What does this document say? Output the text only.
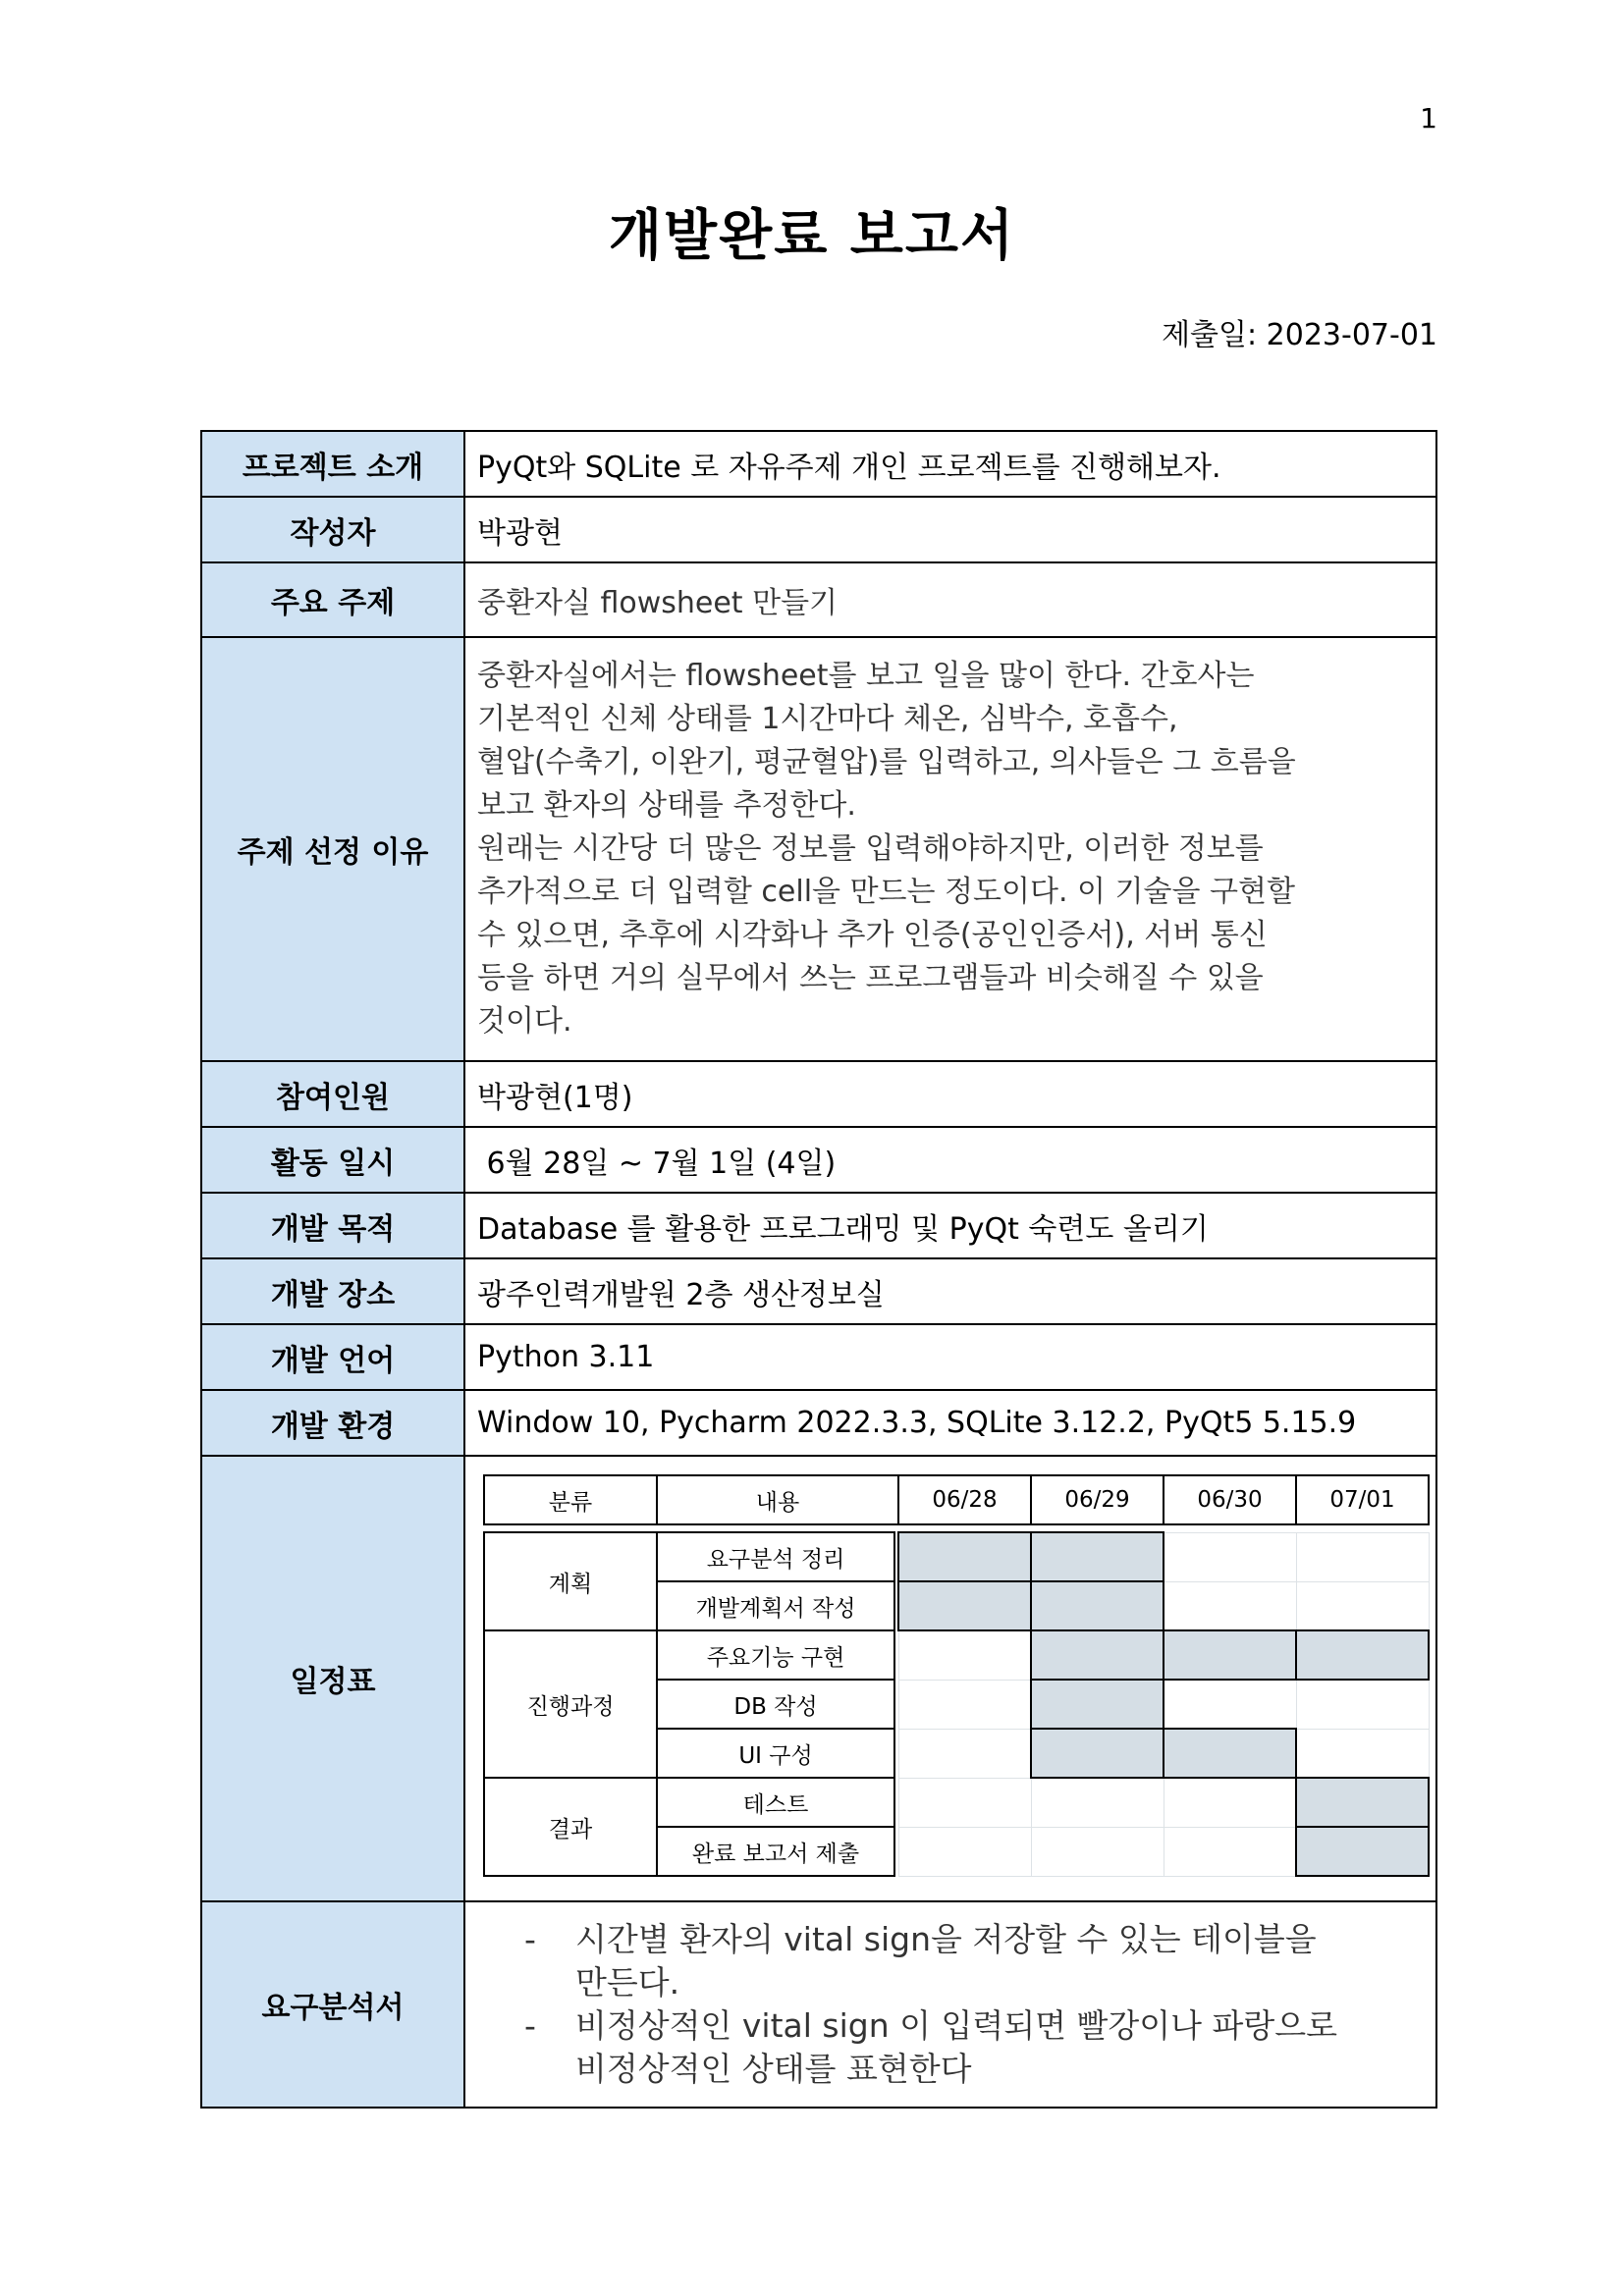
1
개발완료 보고서
제출일: 2023-07-01
프로젝트 소개	PyQt와 SQLite 로 자유주제 개인 프로젝트를 진행해보자.
작성자	박광현
주요 주제	중환자실 flowsheet 만들기
주제 선정 이유	
중환자실에서는 flowsheet를 보고 일을 많이 한다. 간호사는
기본적인 신체 상태를 1시간마다 체온, 심박수, 호흡수,
혈압(수축기, 이완기, 평균혈압)를 입력하고, 의사들은 그 흐름을
보고 환자의 상태를 추정한다.
원래는 시간당 더 많은 정보를 입력해야하지만, 이러한 정보를
추가적으로 더 입력할 cell을 만드는 정도이다. 이 기술을 구현할
수 있으면, 추후에 시각화나 추가 인증(공인인증서), 서버 통신
등을 하면 거의 실무에서 쓰는 프로그램들과 비슷해질 수 있을
것이다.

참여인원	박광현(1명)
활동 일시	6월 28일 ~ 7월 1일 (4일)
개발 목적	Database 를 활용한 프로그래밍 및 PyQt 숙련도 올리기
개발 장소	광주인력개발원 2층 생산정보실
개발 언어	Python 3.11
개발 환경	Window 10, Pycharm 2022.3.3, SQLite 3.12.2, PyQt5 5.15.9
일정표	
분류	내용	06/28	06/29	06/30	07/01

계획	요구분석 정리					
개발계획서 작성					
진행과정	주요기능 구현					
DB 작성					
UI 구성					
결과	테스트					
완료 보고서 제출					

요구분석서	
- 시간별 환자의 vital sign을 저장할 수 있는 테이블을
만든다.
- 비정상적인 vital sign 이 입력되면 빨강이나 파랑으로
비정상적인 상태를 표현한다
